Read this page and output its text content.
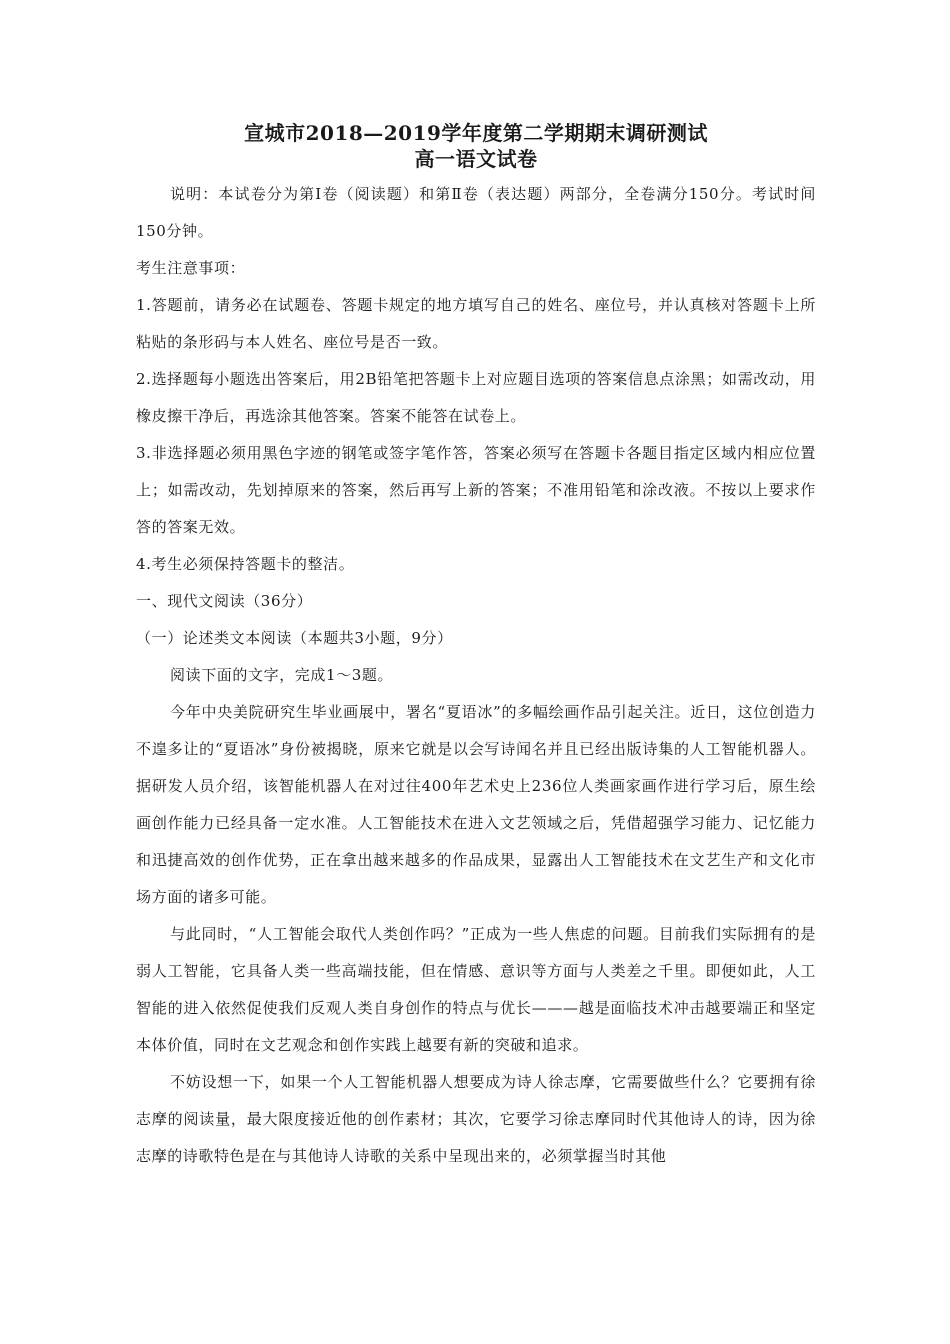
宣城市2018—2019学年度第二学期期末调研测试
高一语文试卷

说明：本试卷分为第Ⅰ卷（阅读题）和第Ⅱ卷（表达题）两部分，全卷满分150分。考试时间150分钟。

考生注意事项：

1.答题前，请务必在试题卷、答题卡规定的地方填写自己的姓名、座位号，并认真核对答题卡上所粘贴的条形码与本人姓名、座位号是否一致。

2.选择题每小题选出答案后，用2B铅笔把答题卡上对应题目选项的答案信息点涂黑；如需改动，用橡皮擦干净后，再选涂其他答案。答案不能答在试卷上。

3.非选择题必须用黑色字迹的钢笔或签字笔作答，答案必须写在答题卡各题目指定区域内相应位置上；如需改动，先划掉原来的答案，然后再写上新的答案；不准用铅笔和涂改液。不按以上要求作答的答案无效。

4.考生必须保持答题卡的整洁。

一、现代文阅读（36分）

（一）论述类文本阅读（本题共3小题，9分）

阅读下面的文字，完成1～3题。

今年中央美院研究生毕业画展中，署名“夏语冰”的多幅绘画作品引起关注。近日，这位创造力不遑多让的“夏语冰”身份被揭晓，原来它就是以会写诗闻名并且已经出版诗集的人工智能机器人。据研发人员介绍，该智能机器人在对过往400年艺术史上236位人类画家画作进行学习后，原生绘画创作能力已经具备一定水准。人工智能技术在进入文艺领域之后，凭借超强学习能力、记忆能力和迅捷高效的创作优势，正在拿出越来越多的作品成果，显露出人工智能技术在文艺生产和文化市场方面的诸多可能。

与此同时，“人工智能会取代人类创作吗？”正成为一些人焦虑的问题。目前我们实际拥有的是弱人工智能，它具备人类一些高端技能，但在情感、意识等方面与人类差之千里。即便如此，人工智能的进入依然促使我们反观人类自身创作的特点与优长———越是面临技术冲击越要端正和坚定本体价值，同时在文艺观念和创作实践上越要有新的突破和追求。

不妨设想一下，如果一个人工智能机器人想要成为诗人徐志摩，它需要做些什么？它要拥有徐志摩的阅读量，最大限度接近他的创作素材；其次，它要学习徐志摩同时代其他诗人的诗，因为徐志摩的诗歌特色是在与其他诗人诗歌的关系中呈现出来的，必须掌握当时其他
